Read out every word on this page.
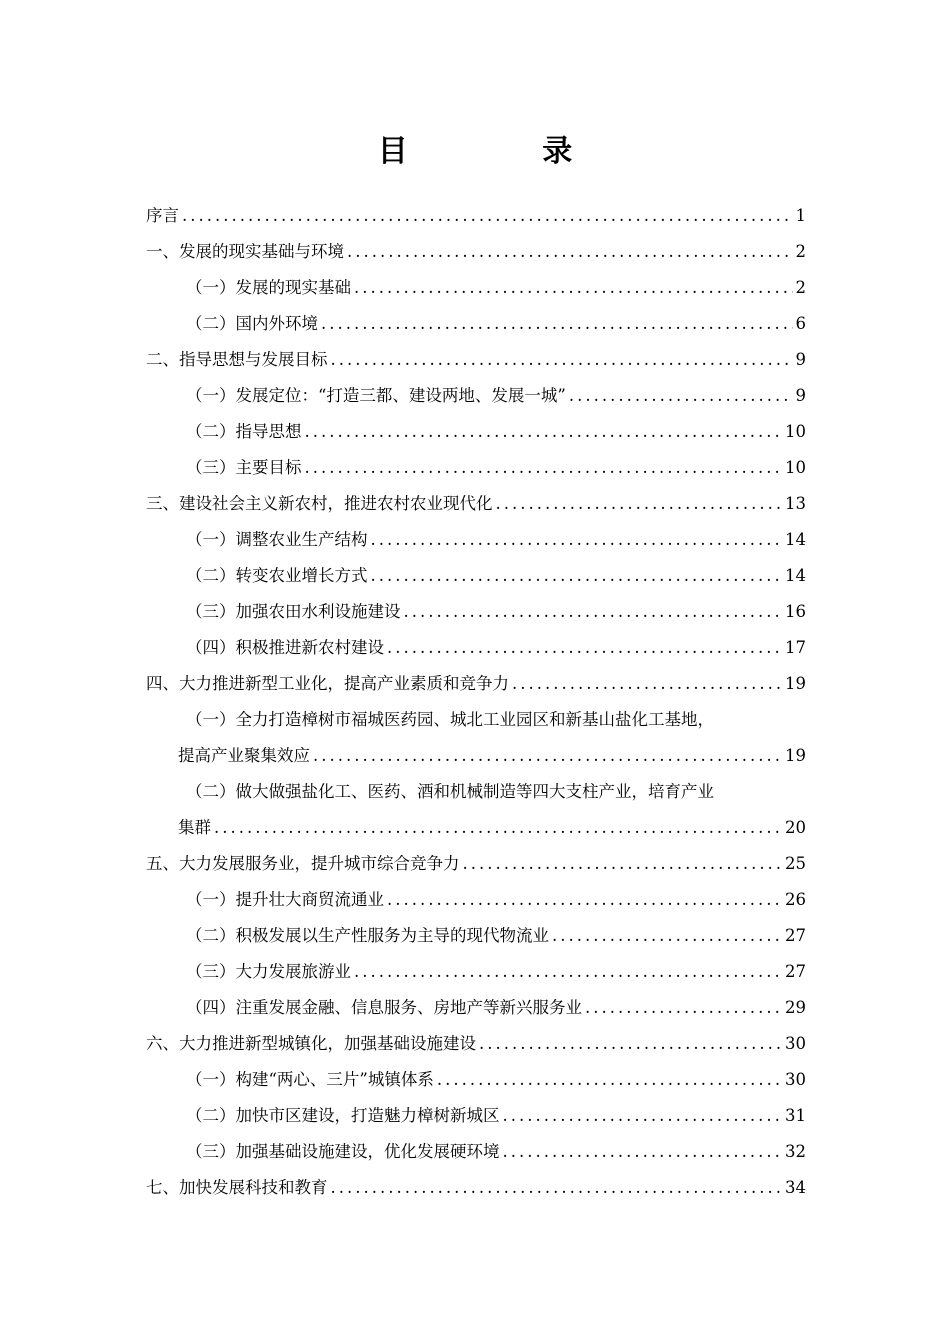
目 录
序言 .....	1
一、发展的现实基础与环境 .....	2
（一）发展的现实基础 .....	2
（二）国内外环境 .....	6
二、指导思想与发展目标 .....	9
（一）发展定位：“打造三都、建设两地、发展一城” .....	9
（二）指导思想 .....	10
（三）主要目标 .....	10
三、建设社会主义新农村，推进农村农业现代化 .....	13
（一）调整农业生产结构 .....	14
（二）转变农业增长方式 .....	14
（三）加强农田水利设施建设 .....	16
（四）积极推进新农村建设 .....	17
四、大力推进新型工业化，提高产业素质和竞争力 .....	19
（一）全力打造樟树市福城医药园、城北工业园区和新基山盐化工基地，
提高产业聚集效应 .....	19
（二）做大做强盐化工、医药、酒和机械制造等四大支柱产业，培育产业
集群 .....	20
五、大力发展服务业，提升城市综合竞争力 .....	25
（一）提升壮大商贸流通业 .....	26
（二）积极发展以生产性服务为主导的现代物流业 .....	27
（三）大力发展旅游业 .....	27
（四）注重发展金融、信息服务、房地产等新兴服务业 .....	29
六、大力推进新型城镇化，加强基础设施建设 .....	30
（一）构建“两心、三片”城镇体系 .....	30
（二）加快市区建设，打造魅力樟树新城区 .....	31
（三）加强基础设施建设，优化发展硬环境 .....	32
七、加快发展科技和教育 .....	34
